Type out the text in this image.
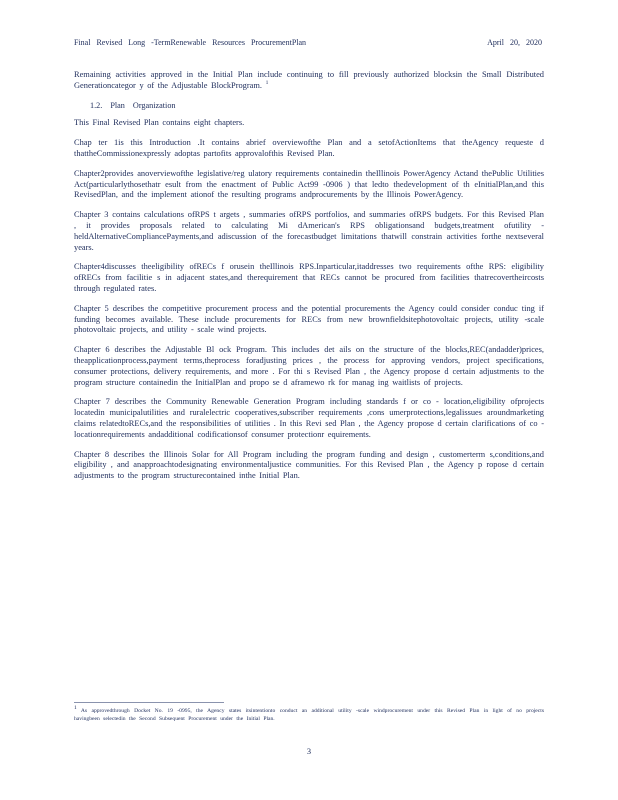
Final Revised Long -TermRenewable Resources ProcurementPlan	April 20, 2020

Remaining activities approved in the Initial Plan include continuing to fill previously authorized blocksin the Small Distributed Generationcategor y of the Adjustable BlockProgram. $^1$

1.2. Plan Organization

This Final Revised Plan contains eight chapters.

Chap ter 1is this Introduction .It contains abrief overviewofthe Plan and a setofActionItems that theAgency requeste d thattheCommissionexpressly adoptas partofits approvalofthis Revised Plan.

Chapter2provides anoverviewofthe legislative/reg ulatory requirements containedin theIllinois PowerAgency Actand thePublic Utilities Act(particularlythosethatr esult from the enactment of Public Act99 -0906 ) that ledto thedevelopment of th eInitialPlan,and this RevisedPlan, and the implement ationof the resulting programs andprocurements by the Illinois PowerAgency.

Chapter 3 contains calculations ofRPS t argets , summaries ofRPS portfolios, and summaries ofRPS budgets. For this Revised Plan , it provides proposals related to calculating Mi dAmerican's RPS obligationsand budgets,treatment ofutility -heldAlternativeCompliancePayments,and adiscussion of the forecastbudget limitations thatwill constrain activities forthe nextseveral years.

Chapter4discusses theeligibility ofRECs f orusein theIllinois RPS.Inparticular,itaddresses two requirements ofthe RPS: eligibility ofRECs from facilitie s in adjacent states,and therequirement that RECs cannot be procured from facilities thatrecovertheircosts through regulated rates.

Chapter 5 describes the competitive procurement process and the potential procurements the Agency could consider conduc ting if funding becomes available. These include procurements for RECs from new brownfieldsitephotovoltaic projects, utility -scale photovoltaic projects, and utility - scale wind projects.

Chapter 6 describes the Adjustable Bl ock Program. This includes det ails on the structure of the blocks,REC(andadder)prices, theapplicationprocess,payment terms,theprocess foradjusting prices , the process for approving vendors, project specifications, consumer protections, delivery requirements, and more . For thi s Revised Plan , the Agency propose d certain adjustments to the program structure containedin the InitialPlan and propo se d aframewo rk for manag ing waitlists of projects.

Chapter 7 describes the Community Renewable Generation Program including standards f or co - location,eligibility ofprojects locatedin municipalutilities and ruralelectric cooperatives,subscriber requirements ,cons umerprotections,legalissues aroundmarketing claims relatedtoRECs,and the responsibilities of utilities . In this Revi sed Plan , the Agency propose d certain clarifications of co - locationrequirements andadditional codificationsof consumer protectionr equirements.

Chapter 8 describes the Illinois Solar for All Program including the program funding and design , customerterm s,conditions,and eligibility , and anapproachtodesignating environmentaljustice communities. For this Revised Plan , the Agency p ropose d certain adjustments to the program structurecontained inthe Initial Plan.

$^1$ As approvedthrough Docket No. 19 -0995, the Agency states itsintentionto conduct an additional utility -scale windprocurement under this Revised Plan in light of no projects havingbeen selectedin the Second Subsequent Procurement under the Initial Plan.
3
